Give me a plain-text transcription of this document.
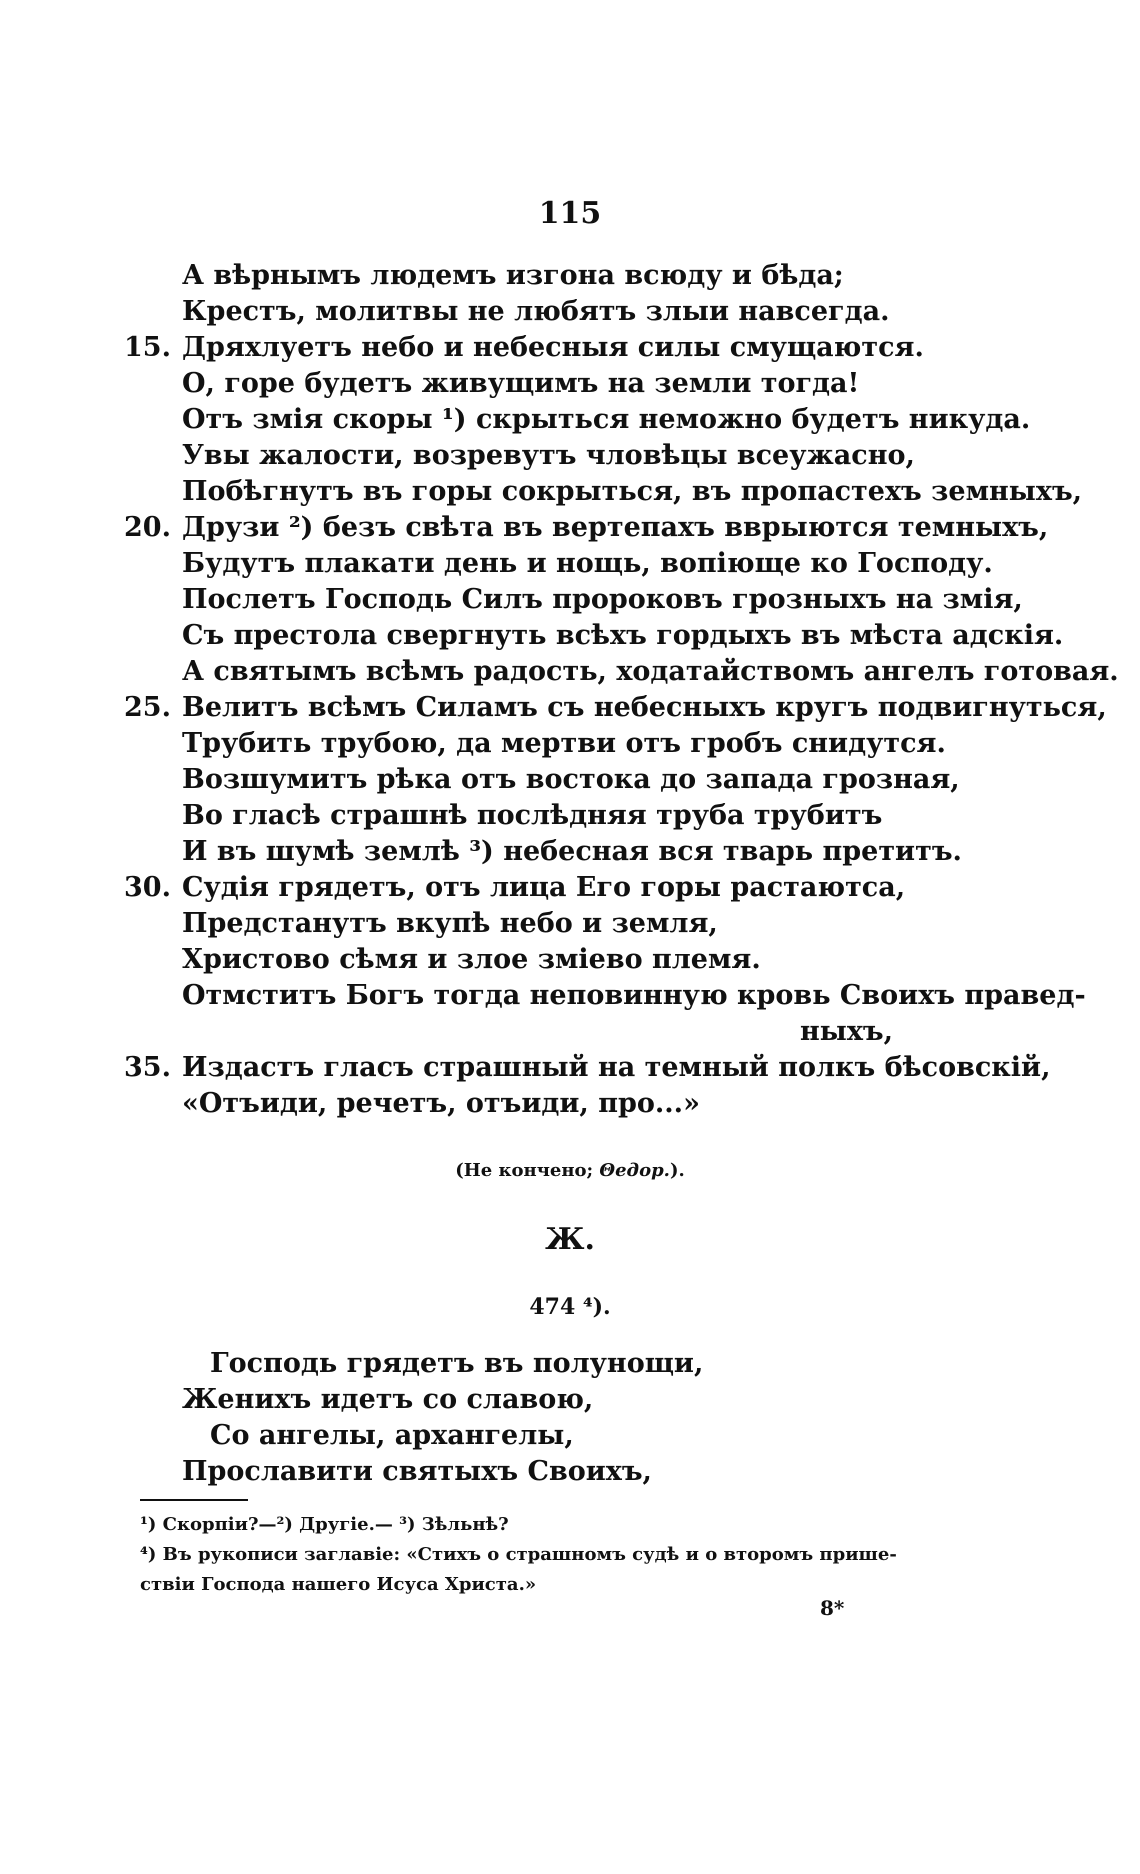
115
А вѣрнымъ людемъ изгона всюду и бѣда;
Крестъ, молитвы не любятъ злыи навсегда.
15. Дряхлуетъ небо и небесныя силы смущаются.
О, горе будетъ живущимъ на земли тогда!
Отъ змія скоры ¹) скрыться неможно будетъ никуда.
Увы жалости, возревутъ чловѣцы всеужасно,
Побѣгнутъ въ горы сокрыться, въ пропастехъ земныхъ,
20. Друзи ²) безъ свѣта въ вертепахъ вврыются темныхъ,
Будутъ плакати день и нощь, вопіюще ко Господу.
Послетъ Господь Силъ пророковъ грозныхъ на змія,
Съ престола свергнуть всѣхъ гордыхъ въ мѣста адскія.
А святымъ всѣмъ радость, ходатайствомъ ангелъ готовая.
25. Велитъ всѣмъ Силамъ съ небесныхъ кругъ подвигнуться,
Трубить трубою, да мертви отъ гробъ снидутся.
Возшумитъ рѣка отъ востока до запада грозная,
Во гласѣ страшнѣ послѣдняя труба трубитъ
И въ шумѣ землѣ ³) небесная вся тварь претитъ.
30. Судія грядетъ, отъ лица Его горы растаютса,
Предстанутъ вкупѣ небо и земля,
Христово сѣмя и злое зміево племя.
Отмститъ Богъ тогда неповинную кровь Своихъ правед-
ныхъ,
35. Издастъ гласъ страшный на темный полкъ бѣсовскій,
«Отъиди, речетъ, отъиди, про...»
(Не кончено; Θедор.).
Ж.
474 ⁴).
Господь грядетъ въ полунощи,
Женихъ идетъ со славою,
Со ангелы, архангелы,
Прославити святыхъ Своихъ,
¹) Скорпіи?—²) Другіе.— ³) Зѣльнѣ?
⁴) Въ рукописи заглавіе: «Стихъ о страшномъ судѣ и о второмъ прише-
ствіи Господа нашего Исуса Христа.»
8*
